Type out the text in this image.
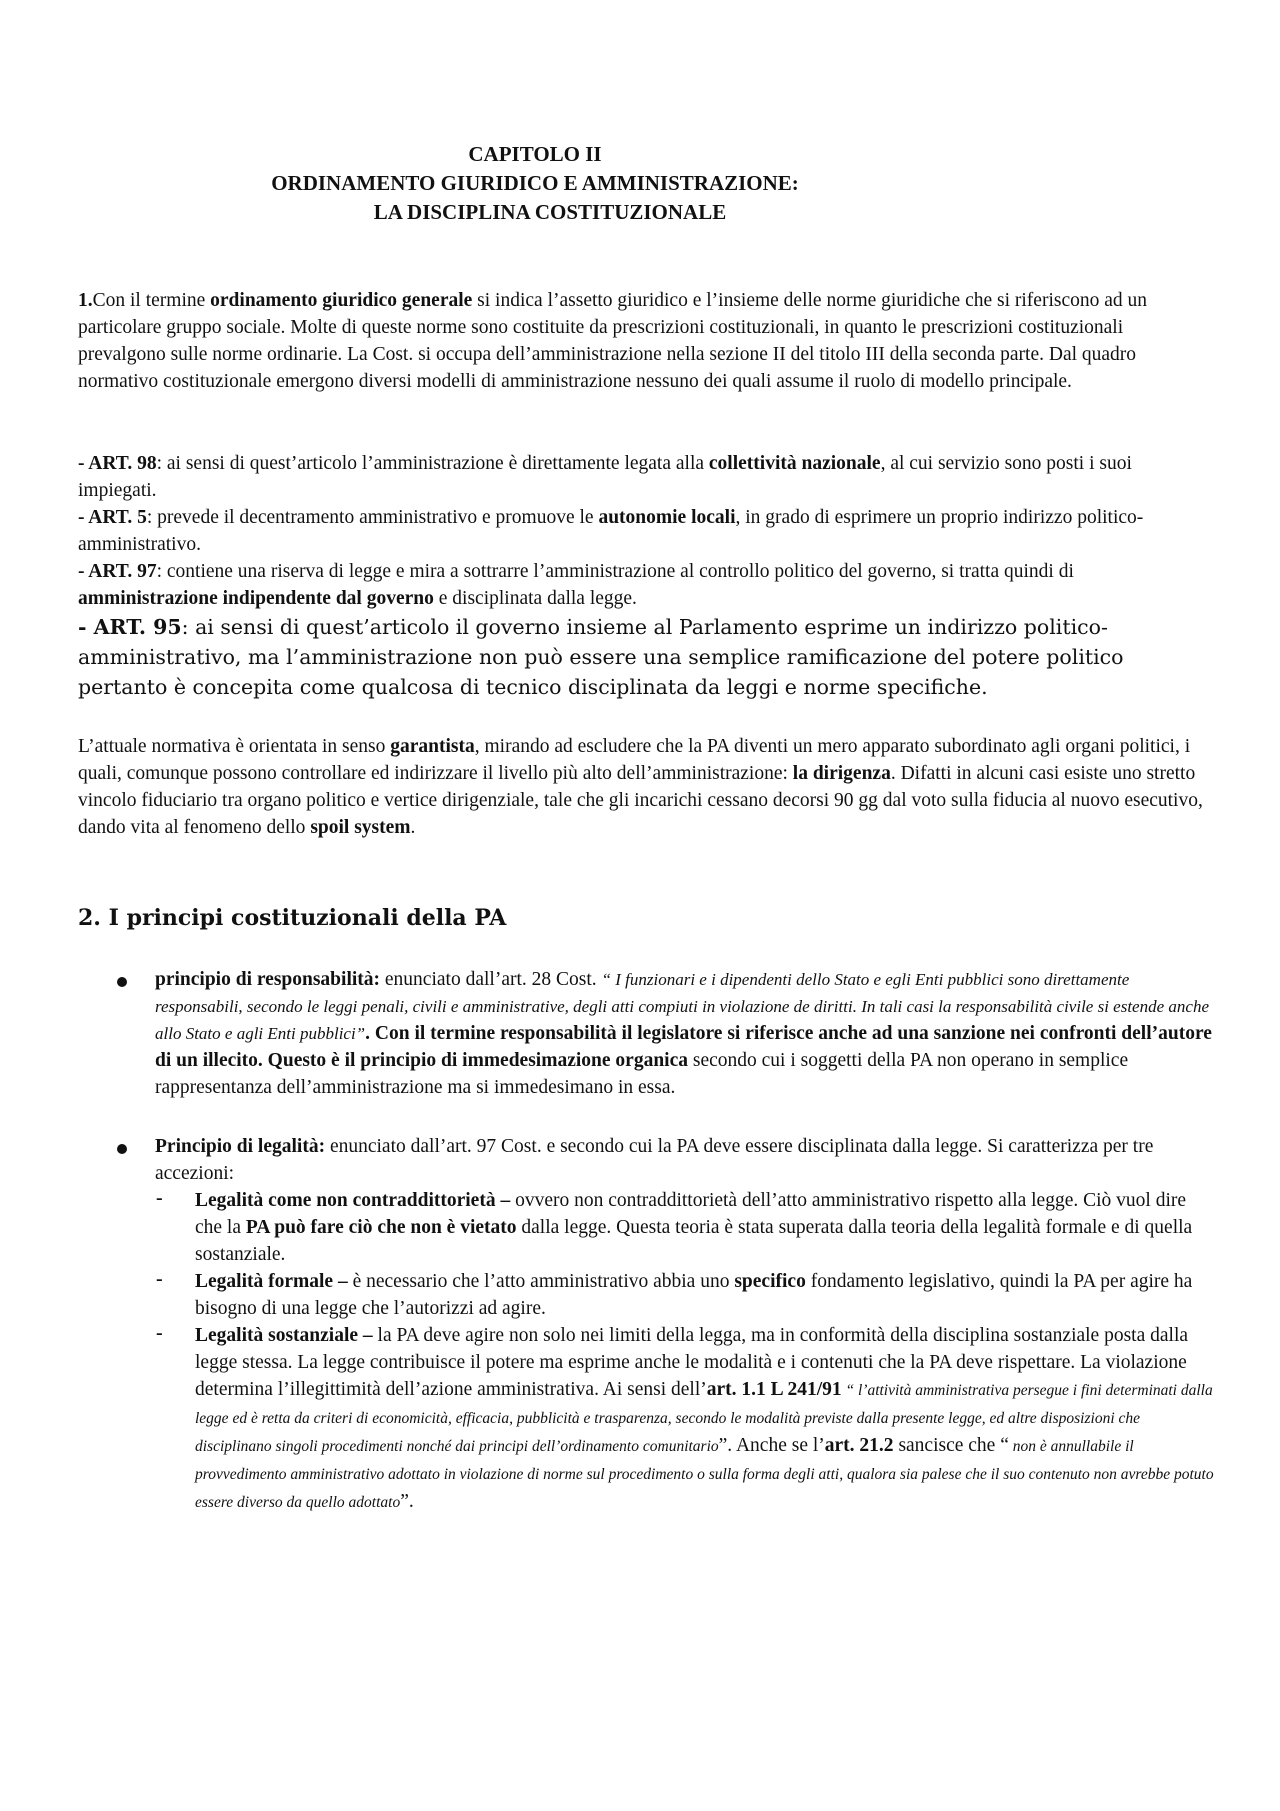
CAPITOLO II
ORDINAMENTO GIURIDICO E AMMINISTRAZIONE:
LA DISCIPLINA COSTITUZIONALE
1.Con il termine ordinamento giuridico generale si indica l’assetto giuridico e l’insieme delle norme giuridiche che si riferiscono ad un particolare gruppo sociale. Molte di queste norme sono costituite da prescrizioni costituzionali, in quanto le prescrizioni costituzionali prevalgono sulle norme ordinarie. La Cost. si occupa dell’amministrazione nella sezione II del titolo III della seconda parte. Dal quadro normativo costituzionale emergono diversi modelli di amministrazione nessuno dei quali assume il ruolo di modello principale.
- ART. 98: ai sensi di quest’articolo l’amministrazione è direttamente legata alla collettività nazionale, al cui servizio sono posti i suoi impiegati.
- ART. 5: prevede il decentramento amministrativo e promuove le autonomie locali, in grado di esprimere un proprio indirizzo politico-amministrativo.
- ART. 97: contiene una riserva di legge e mira a sottrarre l’amministrazione al controllo politico del governo, si tratta quindi di amministrazione indipendente dal governo e disciplinata dalla legge.
- ART. 95: ai sensi di quest’articolo il governo insieme al Parlamento esprime un indirizzo politico-amministrativo, ma l’amministrazione non può essere una semplice ramificazione del potere politico pertanto è concepita come qualcosa di tecnico disciplinata da leggi e norme specifiche.
L’attuale normativa è orientata in senso garantista, mirando ad escludere che la PA diventi un mero apparato subordinato agli organi politici, i quali, comunque possono controllare ed indirizzare il livello più alto dell’amministrazione: la dirigenza. Difatti in alcuni casi esiste uno stretto vincolo fiduciario tra organo politico e vertice dirigenziale, tale che gli incarichi cessano decorsi 90 gg dal voto sulla fiducia al nuovo esecutivo, dando vita al fenomeno dello spoil system.
2. I principi costituzionali della PA
principio di responsabilità: enunciato dall’art. 28 Cost. “ I funzionari e i dipendenti dello Stato e egli Enti pubblici sono direttamente responsabili, secondo le leggi penali, civili e amministrative, degli atti compiuti in violazione de diritti. In tali casi la responsabilità civile si estende anche allo Stato e agli Enti pubblici”. Con il termine responsabilità il legislatore si riferisce anche ad una sanzione nei confronti dell’autore di un illecito. Questo è il principio di immedesimazione organica secondo cui i soggetti della PA non operano in semplice rappresentanza dell’amministrazione ma si immedesimano in essa.
Principio di legalità: enunciato dall’art. 97 Cost. e secondo cui la PA deve essere disciplinata dalla legge. Si caratterizza per tre accezioni:
- Legalità come non contraddittorietà – ovvero non contraddittorietà dell’atto amministrativo rispetto alla legge. Ciò vuol dire che la PA può fare ciò che non è vietato dalla legge. Questa teoria è stata superata dalla teoria della legalità formale e di quella sostanziale.
- Legalità formale – è necessario che l’atto amministrativo abbia uno specifico fondamento legislativo, quindi la PA per agire ha bisogno di una legge che l’autorizzi ad agire.
- Legalità sostanziale – la PA deve agire non solo nei limiti della legga, ma in conformità della disciplina sostanziale posta dalla legge stessa. La legge contribuisce il potere ma esprime anche le modalità e i contenuti che la PA deve rispettare. La violazione determina l’illegittimità dell’azione amministrativa. Ai sensi dell’art. 1.1 L 241/91 “ l’attività amministrativa persegue i fini determinati dalla legge ed è retta da criteri di economicità, efficacia, pubblicità e trasparenza, secondo le modalità previste dalla presente legge, ed altre disposizioni che disciplinano singoli procedimenti nonché dai principi dell’ordinamento comunitario”. Anche se l’art. 21.2 sancisce che “ non è annullabile il provvedimento amministrativo adottato in violazione di norme sul procedimento o sulla forma degli atti, qualora sia palese che il suo contenuto non avrebbe potuto essere diverso da quello adottato”.
